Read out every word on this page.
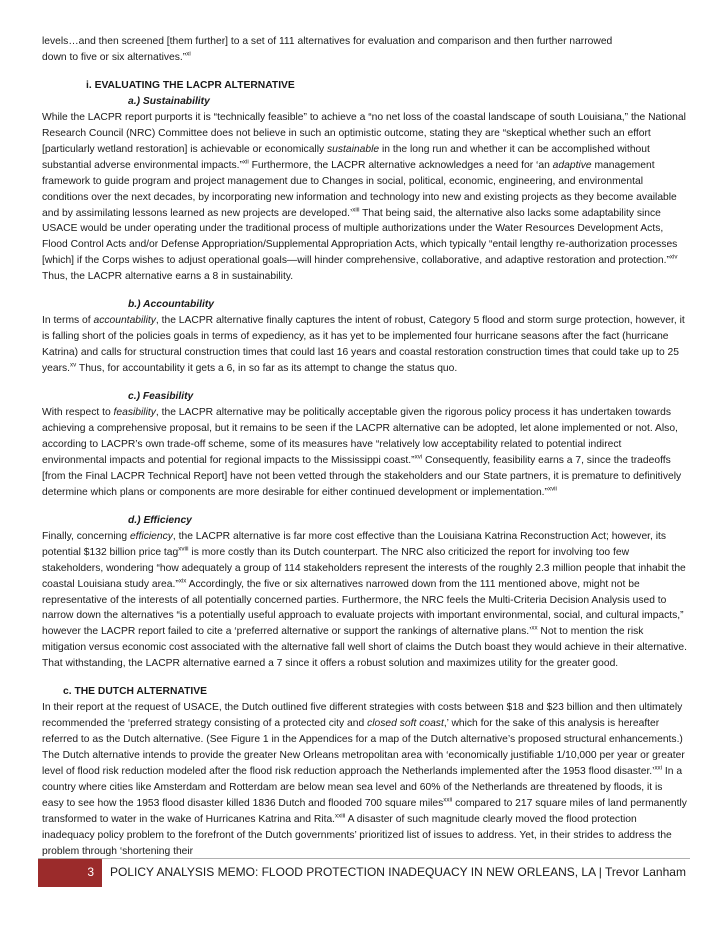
levels…and then screened [them further] to a set of 111 alternatives for evaluation and comparison and then further narrowed
down to five or six alternatives.”$^{xi}$

i. EVALUATING THE LACPR ALTERNATIVE
a.) Sustainability

While the LACPR report purports it is “technically feasible” to achieve a “no net loss of the coastal landscape of south Louisiana,” the National Research Council (NRC) Committee does not believe in such an optimistic outcome, stating they are “skeptical whether such an effort [particularly wetland restoration] is achievable or economically sustainable in the long run and whether it can be accomplished without substantial adverse environmental impacts.”$^{xii}$ Furthermore, the LACPR alternative acknowledges a need for ‘an adaptive management framework to guide program and project management due to Changes in social, political, economic, engineering, and environmental conditions over the next decades, by incorporating new information and technology into new and existing projects as they become available and by assimilating lessons learned as new projects are developed.’$^{xiii}$ That being said, the alternative also lacks some adaptability since USACE would be under operating under the traditional process of multiple authorizations under the Water Resources Development Acts, Flood Control Acts and/or Defense Appropriation/Supplemental Appropriation Acts, which typically “entail lengthy re-authorization processes [which] if the Corps wishes to adjust operational goals—will hinder comprehensive, collaborative, and adaptive restoration and protection.”$^{xiv}$ Thus, the LACPR alternative earns a 8 in sustainability.

b.) Accountability

In terms of accountability, the LACPR alternative finally captures the intent of robust, Category 5 flood and storm surge protection, however, it is falling short of the policies goals in terms of expediency, as it has yet to be implemented four hurricane seasons after the fact (hurricane Katrina) and calls for structural construction times that could last 16 years and coastal restoration construction times that could take up to 25 years.$^{xv}$ Thus, for accountability it gets a 6, in so far as its attempt to change the status quo.

c.) Feasibility

With respect to feasibility, the LACPR alternative may be politically acceptable given the rigorous policy process it has undertaken towards achieving a comprehensive proposal, but it remains to be seen if the LACPR alternative can be adopted, let alone implemented or not. Also, according to LACPR’s own trade-off scheme, some of its measures have “relatively low acceptability related to potential indirect environmental impacts and potential for regional impacts to the Mississippi coast.”$^{xvi}$ Consequently, feasibility earns a 7, since the tradeoffs [from the Final LACPR Technical Report] have not been vetted through the stakeholders and our State partners, it is premature to definitively determine which plans or components are more desirable for either continued development or implementation.”$^{xvii}$

d.) Efficiency

Finally, concerning efficiency, the LACPR alternative is far more cost effective than the Louisiana Katrina Reconstruction Act; however, its potential $132 billion price tag$^{xviii}$ is more costly than its Dutch counterpart. The NRC also criticized the report for involving too few stakeholders, wondering “how adequately a group of 114 stakeholders represent the interests of the roughly 2.3 million people that inhabit the coastal Louisiana study area.”$^{xix}$ Accordingly, the five or six alternatives narrowed down from the 111 mentioned above, might not be representative of the interests of all potentially concerned parties. Furthermore, the NRC feels the Multi-Criteria Decision Analysis used to narrow down the alternatives “is a potentially useful approach to evaluate projects with important environmental, social, and cultural impacts,” however the LACPR report failed to cite a ‘preferred alternative or support the rankings of alternative plans.’$^{xx}$ Not to mention the risk mitigation versus economic cost associated with the alternative fall well short of claims the Dutch boast they would achieve in their alternative. That withstanding, the LACPR alternative earned a 7 since it offers a robust solution and maximizes utility for the greater good.

c. THE DUTCH ALTERNATIVE

In their report at the request of USACE, the Dutch outlined five different strategies with costs between $18 and $23 billion and then ultimately recommended the ‘preferred strategy consisting of a protected city and closed soft coast,’ which for the sake of this analysis is hereafter referred to as the Dutch alternative. (See Figure 1 in the Appendices for a map of the Dutch alternative’s proposed structural enhancements.) The Dutch alternative intends to provide the greater New Orleans metropolitan area with ‘economically justifiable 1/10,000 per year or greater level of flood risk reduction modeled after the flood risk reduction approach the Netherlands implemented after the 1953 flood disaster.’$^{xxi}$ In a country where cities like Amsterdam and Rotterdam are below mean sea level and 60% of the Netherlands are threatened by floods, it is easy to see how the 1953 flood disaster killed 1836 Dutch and flooded 700 square miles$^{xxii}$ compared to 217 square miles of land permanently transformed to water in the wake of Hurricanes Katrina and Rita.$^{xxiii}$ A disaster of such magnitude clearly moved the flood protection inadequacy policy problem to the forefront of the Dutch governments’ prioritized list of issues to address. Yet, in their strides to address the problem through ‘shortening their

3	POLICY ANALYSIS MEMO: FLOOD PROTECTION INADEQUACY IN NEW ORLEANS, LA | Trevor Lanham
